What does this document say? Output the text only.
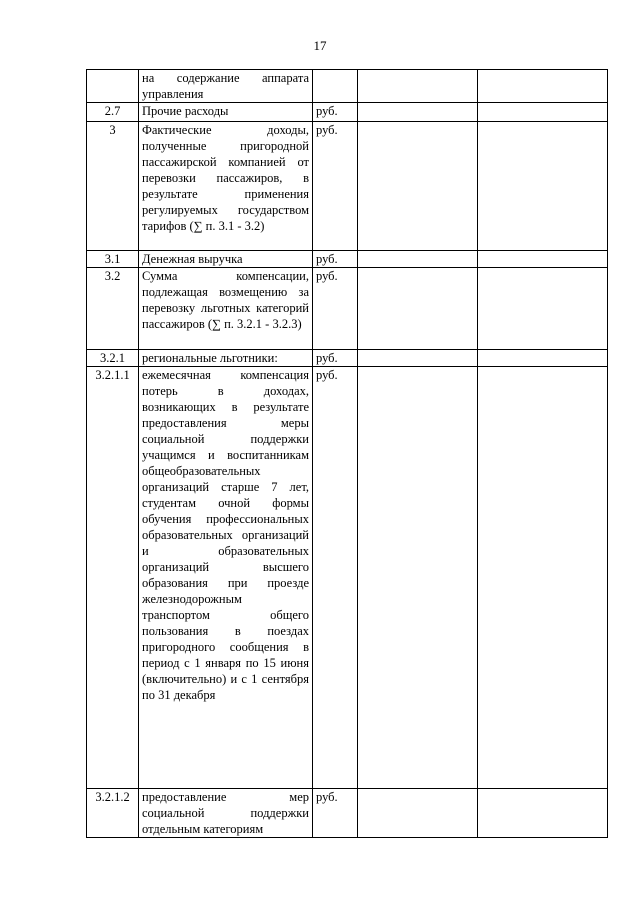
17
	на содержание аппарата управления			
2.7	Прочие расходы	руб.		
3	Фактические доходы, полученные пригородной пассажирской компанией от перевозки пассажиров, в результате применения регулируемых государством тарифов (∑ п. 3.1 - 3.2)	руб.		
3.1	Денежная выручка	руб.		
3.2	Сумма компенсации, подлежащая возмещению за перевозку льготных категорий пассажиров (∑ п. 3.2.1 - 3.2.3)	руб.		
3.2.1	региональные льготники:	руб.		
3.2.1.1	ежемесячная компенсация потерь в доходах, возникающих в результате предоставления меры социальной поддержки учащимся и воспитанникам общеобразовательных организаций старше 7 лет, студентам очной формы обучения профессиональных образовательных организаций и образовательных организаций высшего образования при проезде железнодорожным транспортом общего пользования в поездах пригородного сообщения в период с 1 января по 15 июня (включительно) и с 1 сентября по 31 декабря	руб.		
3.2.1.2	предоставление мер социальной поддержки отдельным категориям	руб.		
